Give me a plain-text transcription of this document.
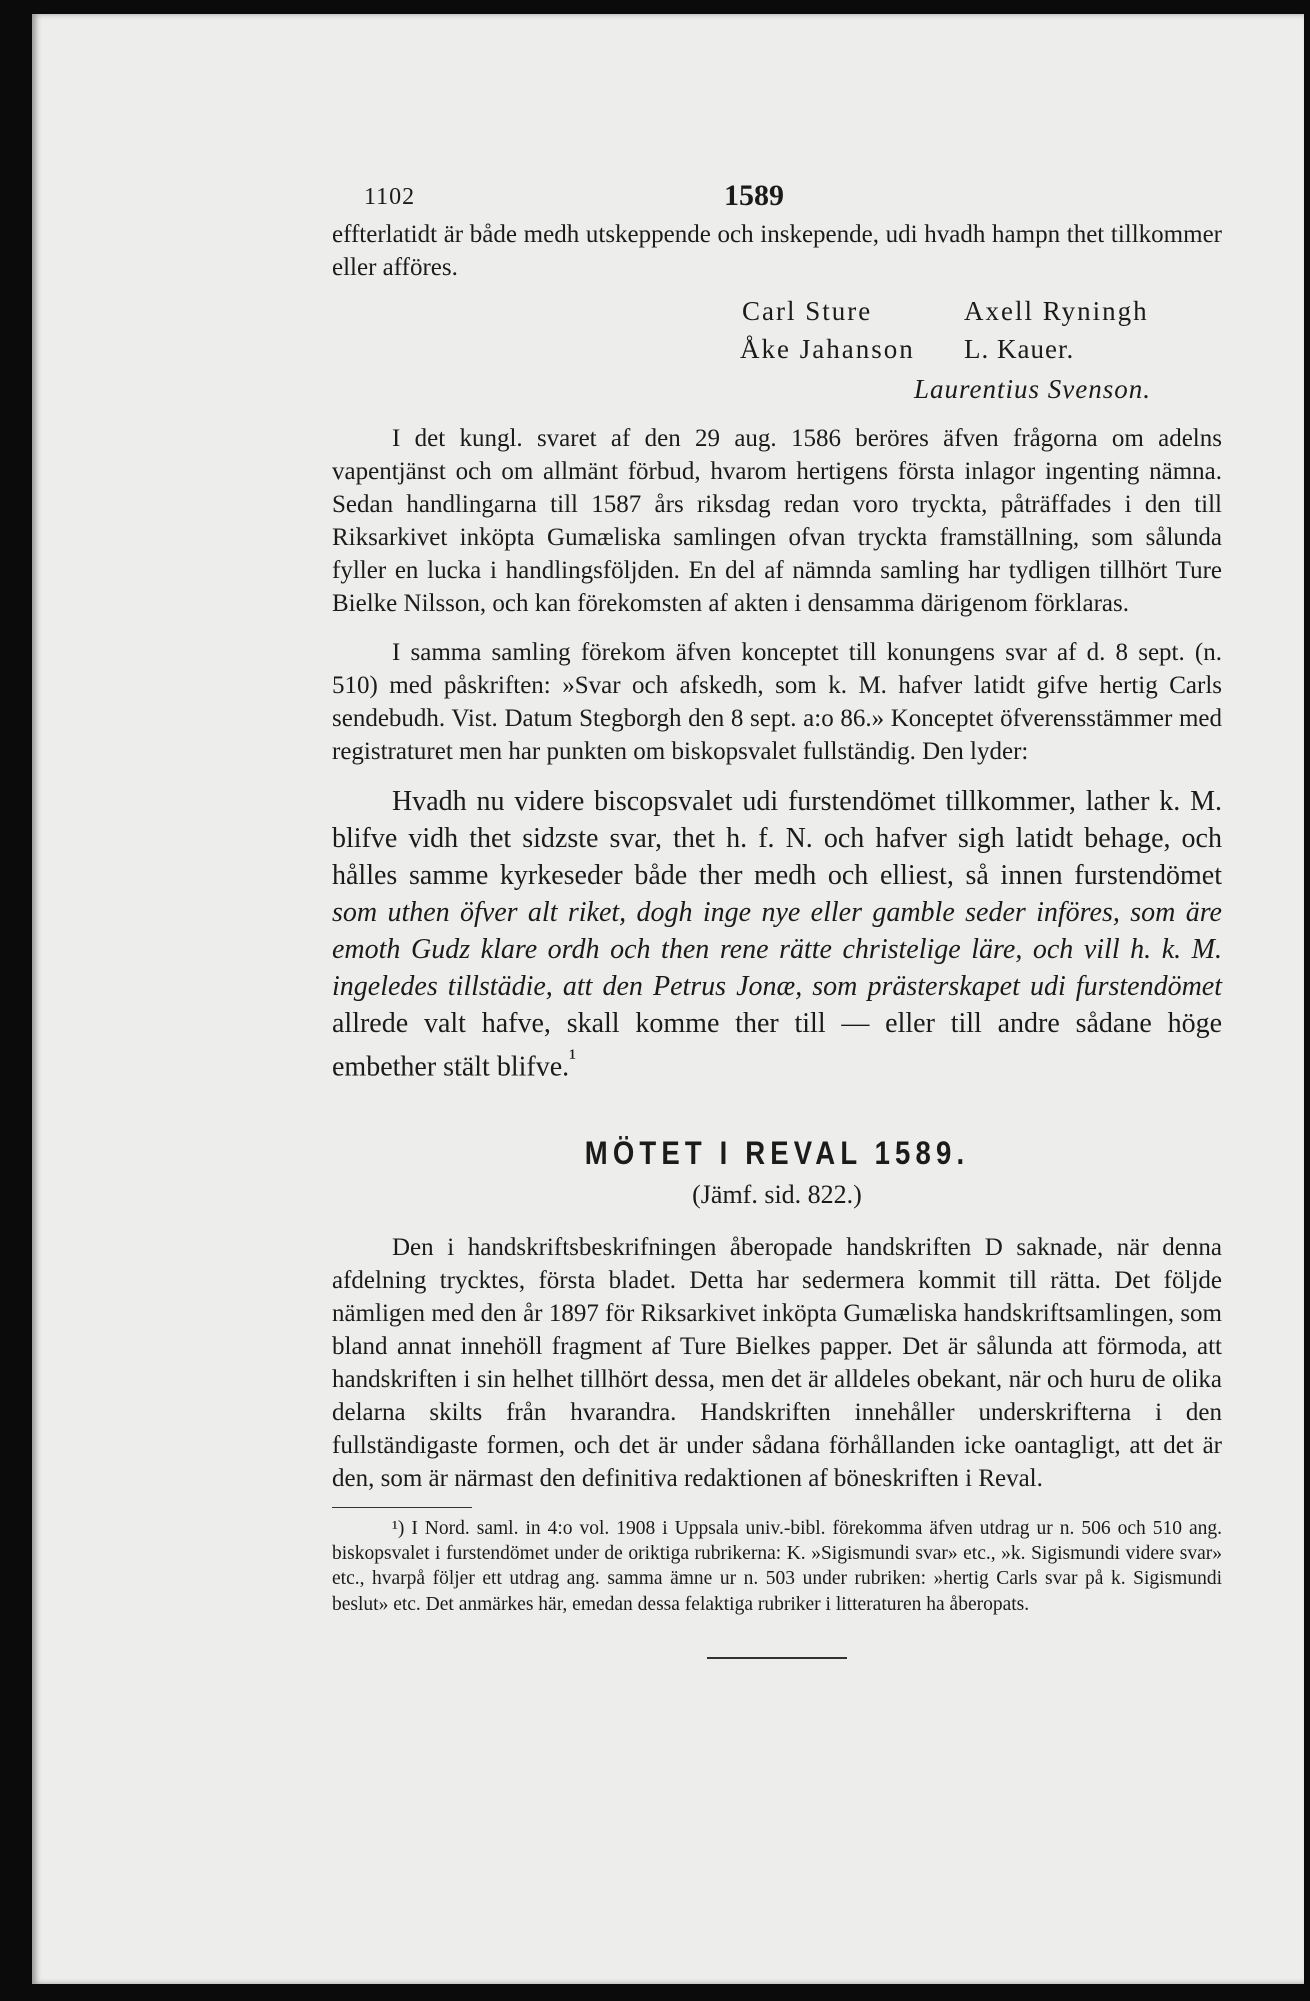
1102	1589

effterlatidt är både medh utskeppende och inskepende, udi hvadh hampn thet tillkommer eller afföres.

Carl Sture	Axell Ryningh
Åke Jahanson L. Kauer.
Laurentius Svenson.

I det kungl. svaret af den 29 aug. 1586 beröres äfven frågorna om adelns vapentjänst och om allmänt förbud, hvarom hertigens första inlagor ingenting nämna. Sedan handlingarna till 1587 års riksdag redan voro tryckta, påträffades i den till Riksarkivet inköpta Gumæliska samlingen ofvan tryckta framställning, som sålunda fyller en lucka i handlingsföljden. En del af nämnda samling har tydligen tillhört Ture Bielke Nilsson, och kan förekomsten af akten i densamma därigenom förklaras.

I samma samling förekom äfven konceptet till konungens svar af d. 8 sept. (n. 510) med påskriften: »Svar och afskedh, som k. M. hafver latidt gifve hertig Carls sendebudh. Vist. Datum Stegborgh den 8 sept. a:o 86.» Konceptet öfverensstämmer med registraturet men har punkten om biskopsvalet fullständig. Den lyder:

Hvadh nu videre biscopsvalet udi furstendömet tillkommer, lather k. M. blifve vidh thet sidzste svar, thet h. f. N. och hafver sigh latidt behage, och hålles samme kyrkeseder både ther medh och elliest, så innen furstendömet som uthen öfver alt riket, dogh inge nye eller gamble seder införes, som äre emoth Gudz klare ordh och then rene rätte christelige läre, och vill h. k. M. ingeledes tillstädie, att den Petrus Jonæ, som prästerskapet udi furstendömet allrede valt hafve, skall komme ther till — eller till andre sådane höge embether stält blifve.$^{^1}$

MÖTET I REVAL 1589.
(Jämf. sid. 822.)

Den i handskriftsbeskrifningen åberopade handskriften D saknade, när denna afdelning trycktes, första bladet. Detta har sedermera kommit till rätta. Det följde nämligen med den år 1897 för Riksarkivet inköpta Gumæliska handskriftsamlingen, som bland annat innehöll fragment af Ture Bielkes papper. Det är sålunda att förmoda, att handskriften i sin helhet tillhört dessa, men det är alldeles obekant, när och huru de olika delarna skilts från hvarandra. Handskriften innehåller underskrifterna i den fullständigaste formen, och det är under sådana förhållanden icke oantagligt, att det är den, som är närmast den definitiva redaktionen af böneskriften i Reval.

¹) I Nord. saml. in 4:o vol. 1908 i Uppsala univ.-bibl. förekomma äfven utdrag ur n. 506 och 510 ang. biskopsvalet i furstendömet under de oriktiga rubrikerna: K. »Sigismundi svar» etc., »k. Sigismundi videre svar» etc., hvarpå följer ett utdrag ang. samma ämne ur n. 503 under rubriken: »hertig Carls svar på k. Sigismundi beslut» etc. Det anmärkes här, emedan dessa felaktiga rubriker i litteraturen ha åberopats.
